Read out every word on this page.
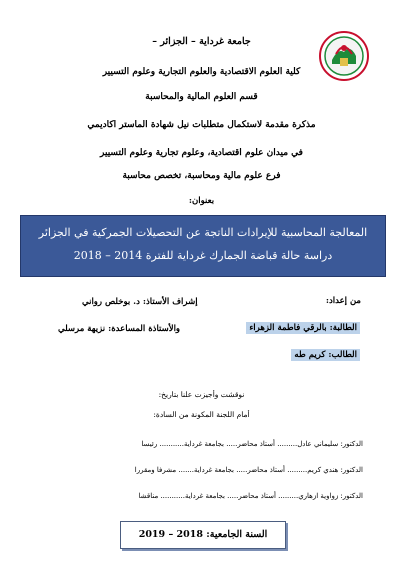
جامعة غرداية – الجزائر –
كلية العلوم الاقتصادية والعلوم التجارية وعلوم التسيير
قسم العلوم المالية والمحاسبة
مذكرة مقدمة لاستكمال متطلبات نيل شهادة الماستر أكاديمي
في ميدان علوم اقتصادية، وعلوم تجارية وعلوم التسيير
فرع علوم مالية ومحاسبة، تخصص محاسبة
بعنوان:
المعالجة المحاسبية للإيرادات الناتجة عن التحصيلات الجمركية في الجزائر
دراسة حالة قباضة الجمارك غرداية للفترة 2014 – 2018
من إعداد:
إشراف الأستاذ: د. بوخلص رواني
الطالبة: بالرقي فاطمة الزهراء
والأستاذة المساعدة: نزيهة مرسلي
الطالب: كريم طه
نوقشت وأجيزت علنا بتاريخ:
أمام اللجنة المكونة من السادة:
الدكتور: سليماني عادل......... أستاذ محاضر..... بجامعة غرداية........... رئيسا
الدكتور: هندي كريم......... أستاذ محاضر..... بجامعة غرداية....... مشرفا ومقررا
الدكتور: زواوية ازهاري......... أستاذ محاضر..... بجامعة غرداية........... مناقشا
السنة الجامعية: 2018 – 2019
